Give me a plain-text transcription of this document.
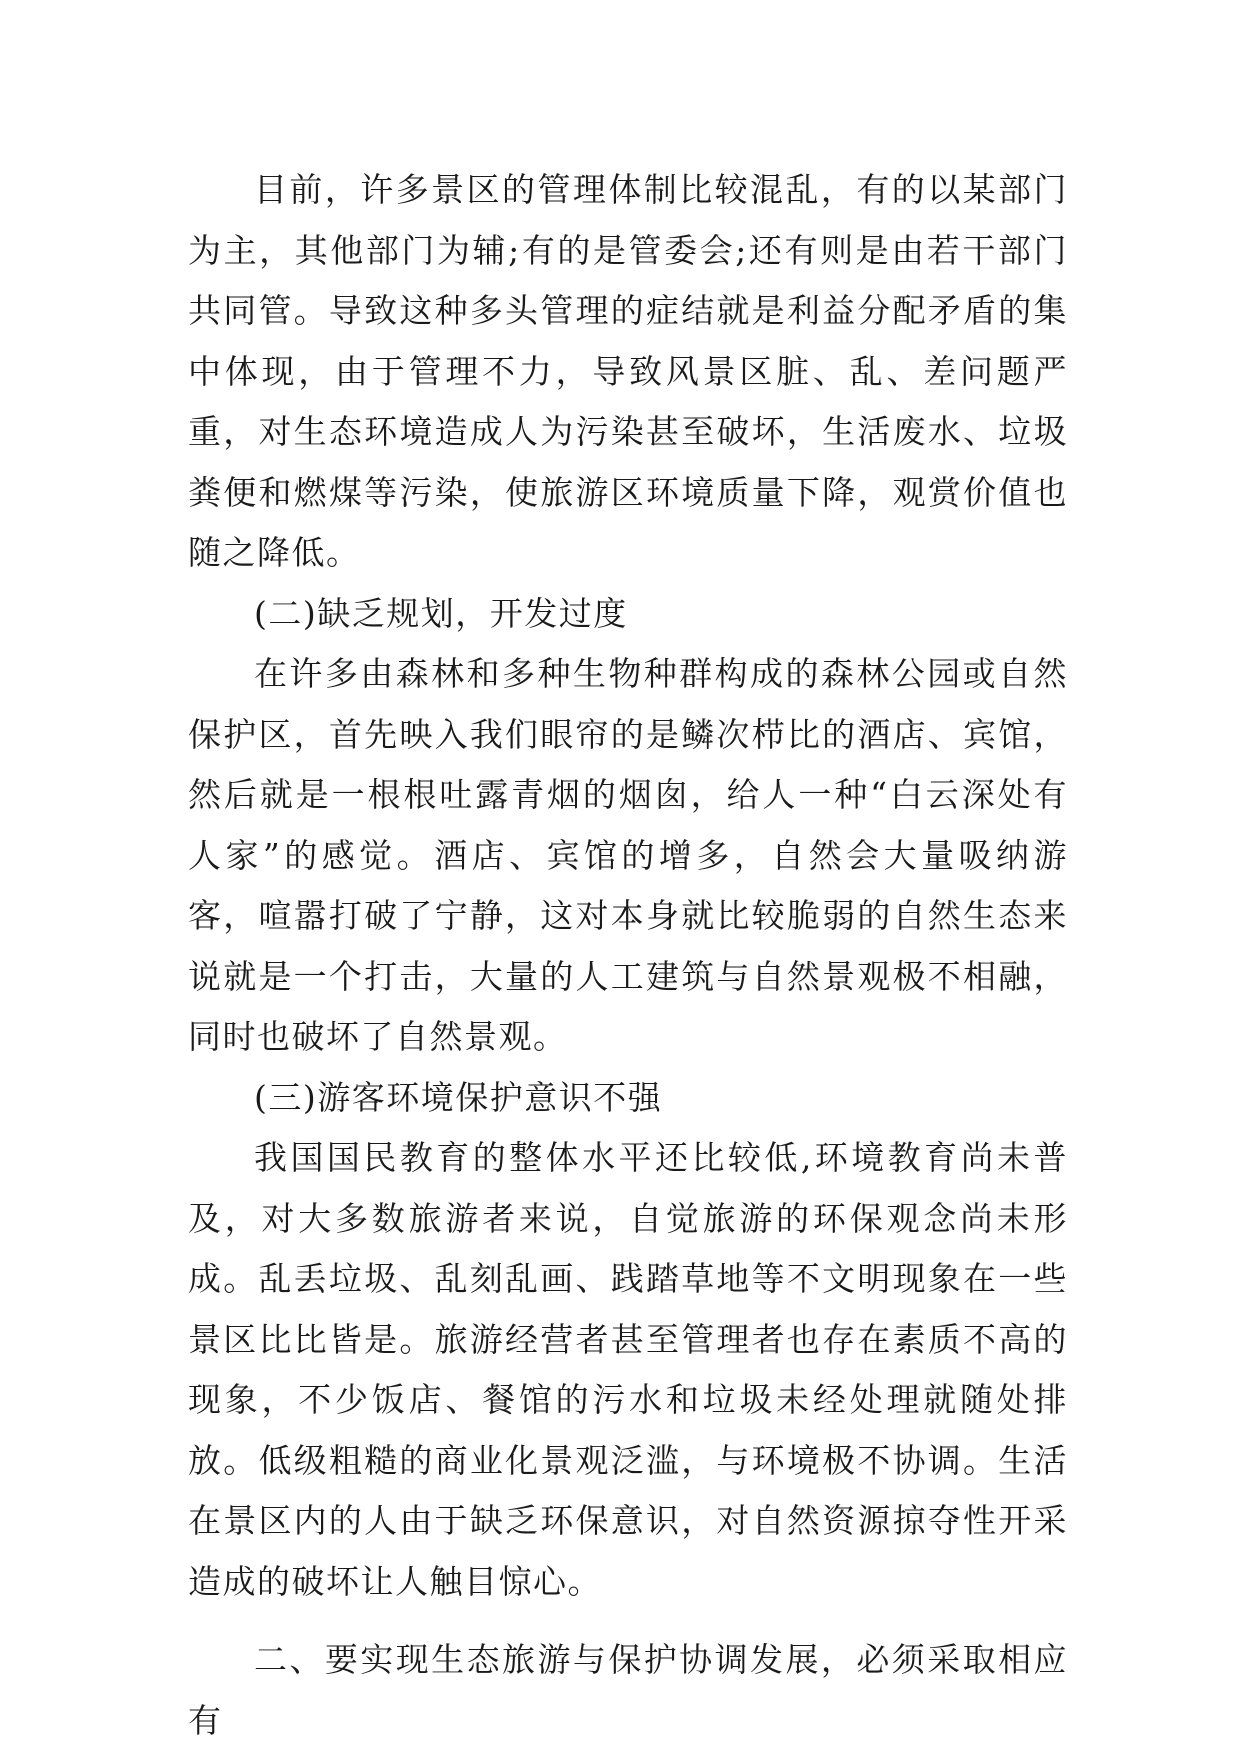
目前，许多景区的管理体制比较混乱，有的以某部门为主，其他部门为辅;有的是管委会;还有则是由若干部门共同管。导致这种多头管理的症结就是利益分配矛盾的集中体现，由于管理不力，导致风景区脏、乱、差问题严重，对生态环境造成人为污染甚至破坏，生活废水、垃圾粪便和燃煤等污染，使旅游区环境质量下降，观赏价值也随之降低。

(二)缺乏规划，开发过度

在许多由森林和多种生物种群构成的森林公园或自然保护区，首先映入我们眼帘的是鳞次栉比的酒店、宾馆，然后就是一根根吐露青烟的烟囱，给人一种“白云深处有人家”的感觉。酒店、宾馆的增多，自然会大量吸纳游客，喧嚣打破了宁静，这对本身就比较脆弱的自然生态来说就是一个打击，大量的人工建筑与自然景观极不相融，同时也破坏了自然景观。

(三)游客环境保护意识不强

我国国民教育的整体水平还比较低,环境教育尚未普及，对大多数旅游者来说，自觉旅游的环保观念尚未形成。乱丢垃圾、乱刻乱画、践踏草地等不文明现象在一些景区比比皆是。旅游经营者甚至管理者也存在素质不高的现象，不少饭店、餐馆的污水和垃圾未经处理就随处排放。低级粗糙的商业化景观泛滥，与环境极不协调。生活在景区内的人由于缺乏环保意识，对自然资源掠夺性开采造成的破坏让人触目惊心。

二、要实现生态旅游与保护协调发展，必须采取相应有
